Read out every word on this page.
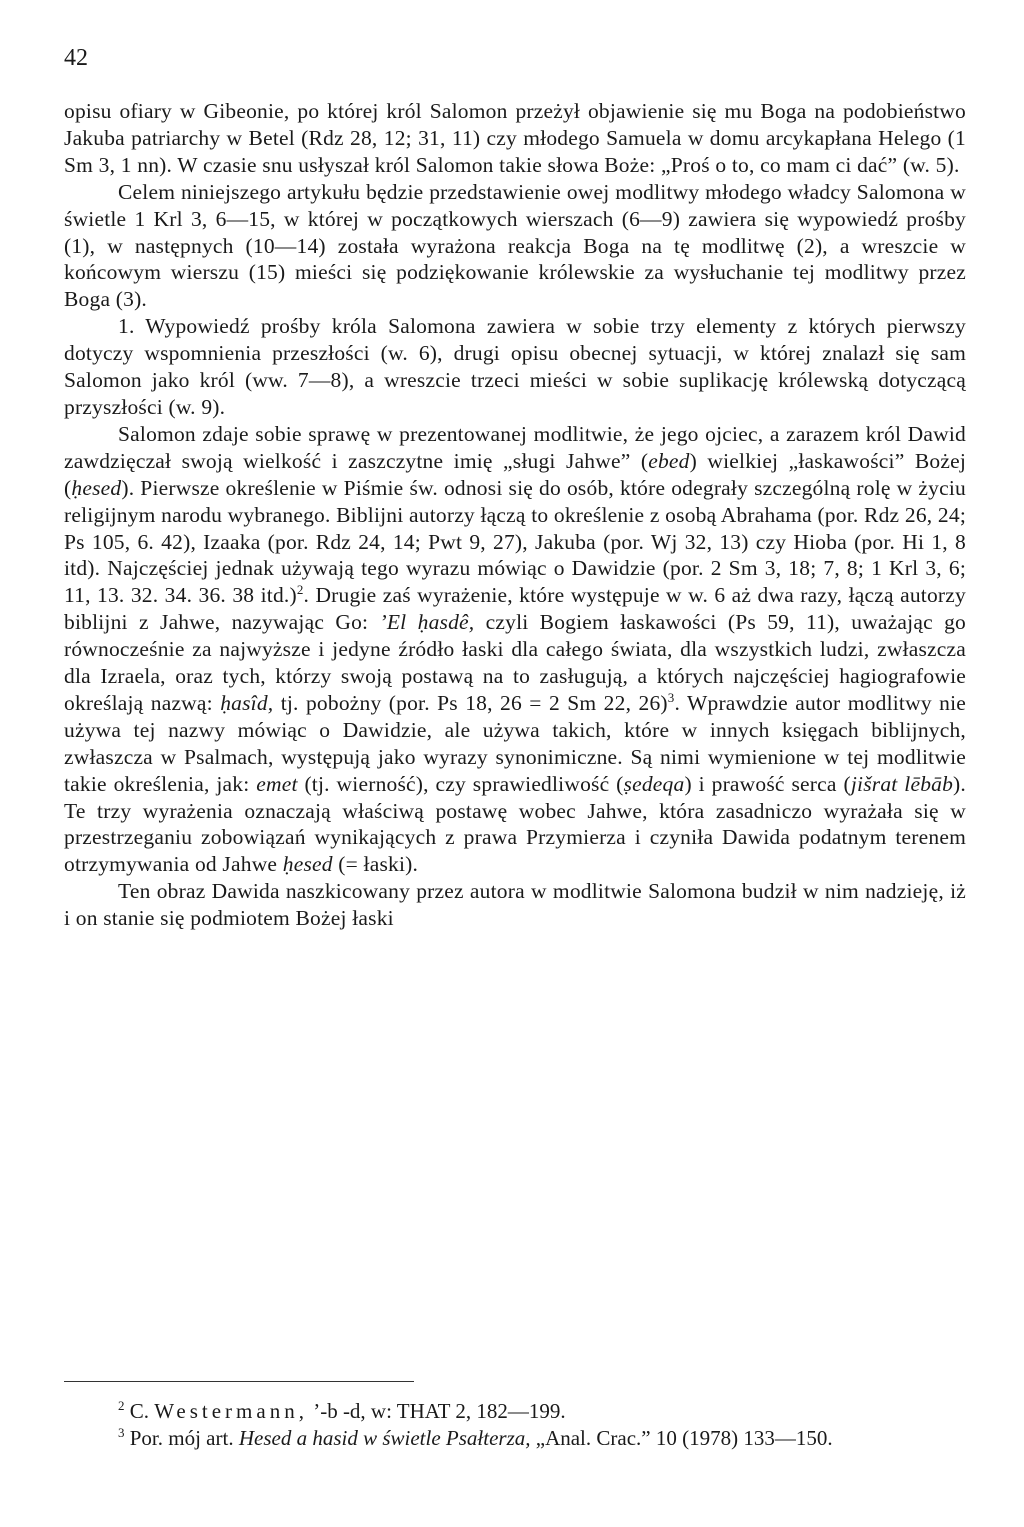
42

opisu ofiary w Gibeonie, po której król Salomon przeżył objawienie się mu Boga na podobieństwo Jakuba patriarchy w Betel (Rdz 28, 12; 31, 11) czy młodego Samuela w domu arcykapłana Helego (1 Sm 3, 1 nn). W czasie snu usłyszał król Salomon takie słowa Boże: „Proś o to, co mam ci dać” (w. 5).

Celem niniejszego artykułu będzie przedstawienie owej modlitwy młodego władcy Salomona w świetle 1 Krl 3, 6—15, w której w początkowych wierszach (6—9) zawiera się wypowiedź prośby (1), w następnych (10—14) została wyrażona reakcja Boga na tę modlitwę (2), a wreszcie w końcowym wierszu (15) mieści się podziękowanie królewskie za wysłuchanie tej modlitwy przez Boga (3).

1. Wypowiedź prośby króla Salomona zawiera w sobie trzy elementy z których pierwszy dotyczy wspomnienia przeszłości (w. 6), drugi opisu obecnej sytuacji, w której znalazł się sam Salomon jako król (ww. 7—8), a wreszcie trzeci mieści w sobie suplikację królewską dotyczącą przyszłości (w. 9).

Salomon zdaje sobie sprawę w prezentowanej modlitwie, że jego ojciec, a zarazem król Dawid zawdzięczał swoją wielkość i zaszczytne imię „sługi Jahwe” (ebed) wielkiej „łaskawości” Bożej (ḥesed). Pierwsze określenie w Piśmie św. odnosi się do osób, które odegrały szczególną rolę w życiu religijnym narodu wybranego. Biblijni autorzy łączą to określenie z osobą Abrahama (por. Rdz 26, 24; Ps 105, 6. 42), Izaaka (por. Rdz 24, 14; Pwt 9, 27), Jakuba (por. Wj 32, 13) czy Hioba (por. Hi 1, 8 itd). Najczęściej jednak używają tego wyrazu mówiąc o Dawidzie (por. 2 Sm 3, 18; 7, 8; 1 Krl 3, 6; 11, 13. 32. 34. 36. 38 itd.)$^2$. Drugie zaś wyrażenie, które występuje w w. 6 aż dwa razy, łączą autorzy biblijni z Jahwe, nazywając Go: ’El ḥasdê, czyli Bogiem łaskawości (Ps 59, 11), uważając go równocześnie za najwyższe i jedyne źródło łaski dla całego świata, dla wszystkich ludzi, zwłaszcza dla Izraela, oraz tych, którzy swoją postawą na to zasługują, a których najczęściej hagiografowie określają nazwą: ḥasîd, tj. pobożny (por. Ps 18, 26 = 2 Sm 22, 26)$^3$. Wprawdzie autor modlitwy nie używa tej nazwy mówiąc o Dawidzie, ale używa takich, które w innych księgach biblijnych, zwłaszcza w Psalmach, występują jako wyrazy synonimiczne. Są nimi wymienione w tej modlitwie takie określenia, jak: emet (tj. wierność), czy sprawiedliwość (ṣedeqa) i prawość serca (jišrat lēbāb). Te trzy wyrażenia oznaczają właściwą postawę wobec Jahwe, która zasadniczo wyrażała się w przestrzeganiu zobowiązań wynikających z prawa Przymierza i czyniła Dawida podatnym terenem otrzymywania od Jahwe ḥesed (= łaski).

Ten obraz Dawida naszkicowany przez autora w modlitwie Salomona budził w nim nadzieję, iż i on stanie się podmiotem Bożej łaski

$^2$ C. Westermann, ’-b -d, w: THAT 2, 182—199.

$^3$ Por. mój art. Hesed a hasid w świetle Psałterza, „Anal. Crac.” 10 (1978) 133—150.
